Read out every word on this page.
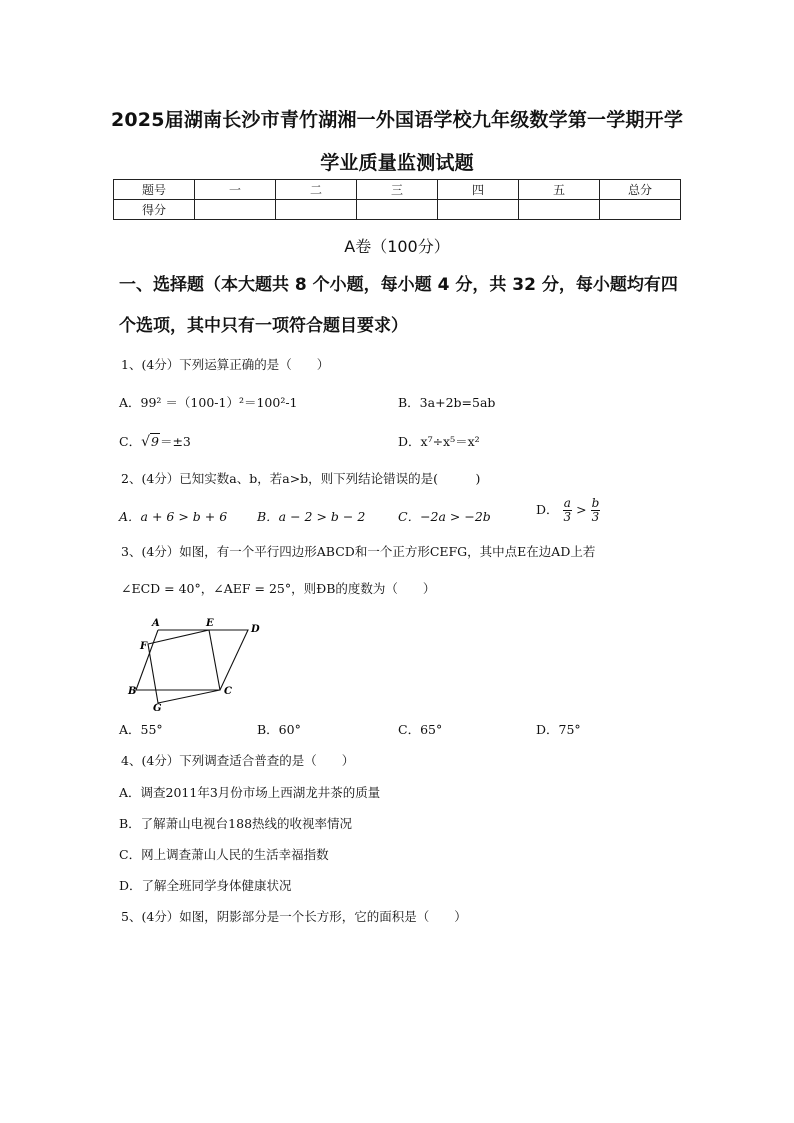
2025届湖南长沙市青竹湖湘一外国语学校九年级数学第一学期开学
学业质量监测试题
题号	一	二	三	四	五	总分
得分						
A卷（100分）
一、选择题（本大题共 8 个小题，每小题 4 分，共 32 分，每小题均有四个选项，其中只有一项符合题目要求）
1、(4分）下列运算正确的是（　　）
A．99² ＝（100-1）²＝100²-1	B．3a+2b=5ab
C．√9＝±3	D．x⁷÷x⁵＝x²
2、(4分）已知实数a、b，若a>b，则下列结论错误的是(　　　)
A．a + 6 > b + 6 B．a − 2 > b − 2	C．−2a > −2b	D． $\frac{a}{3} > \frac{b}{3}$
3、(4分）如图，有一个平行四边形ABCD和一个正方形CEFG，其中点E在边AD上若
∠ECD = 40°，∠AEF = 25°，则ÐB的度数为（　　）
A	E
D
F
B	C
G
A．55°	B．60°	C．65°	D．75°
4、(4分）下列调查适合普查的是（　　）
A．调查2011年3月份市场上西湖龙井茶的质量
B．了解萧山电视台188热线的收视率情况
C．网上调查萧山人民的生活幸福指数
D．了解全班同学身体健康状况
5、(4分）如图，阴影部分是一个长方形，它的面积是（　　）
